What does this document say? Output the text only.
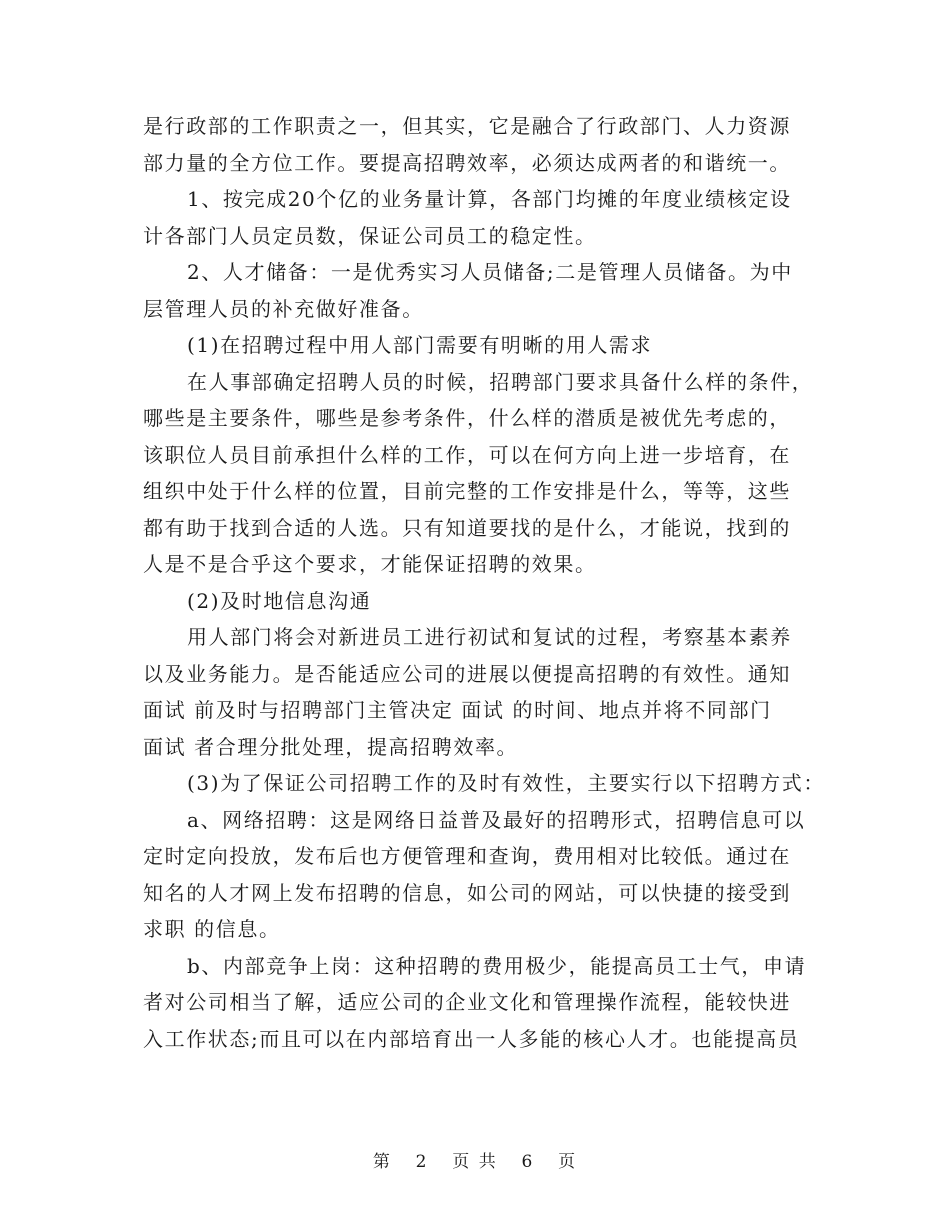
是行政部的工作职责之一，但其实，它是融合了行政部门、人力资源
部力量的全方位工作。要提高招聘效率，必须达成两者的和谐统一。
1、按完成20个亿的业务量计算，各部门均摊的年度业绩核定设
计各部门人员定员数，保证公司员工的稳定性。
2、人才储备：一是优秀实习人员储备;二是管理人员储备。为中
层管理人员的补充做好准备。
(1)在招聘过程中用人部门需要有明晰的用人需求
在人事部确定招聘人员的时候，招聘部门要求具备什么样的条件，
哪些是主要条件，哪些是参考条件，什么样的潜质是被优先考虑的，
该职位人员目前承担什么样的工作，可以在何方向上进一步培育，在
组织中处于什么样的位置，目前完整的工作安排是什么，等等，这些
都有助于找到合适的人选。只有知道要找的是什么，才能说，找到的
人是不是合乎这个要求，才能保证招聘的效果。
(2)及时地信息沟通
用人部门将会对新进员工进行初试和复试的过程，考察基本素养
以及业务能力。是否能适应公司的进展以便提高招聘的有效性。通知
面试 前及时与招聘部门主管决定 面试 的时间、地点并将不同部门
面试 者合理分批处理，提高招聘效率。
(3)为了保证公司招聘工作的及时有效性，主要实行以下招聘方式：
a、网络招聘：这是网络日益普及最好的招聘形式，招聘信息可以
定时定向投放，发布后也方便管理和查询，费用相对比较低。通过在
知名的人才网上发布招聘的信息，如公司的网站，可以快捷的接受到
求职 的信息。
b、内部竞争上岗：这种招聘的费用极少，能提高员工士气，申请
者对公司相当了解，适应公司的企业文化和管理操作流程，能较快进
入工作状态;而且可以在内部培育出一人多能的核心人才。也能提高员
第 2 页 共 6 页
